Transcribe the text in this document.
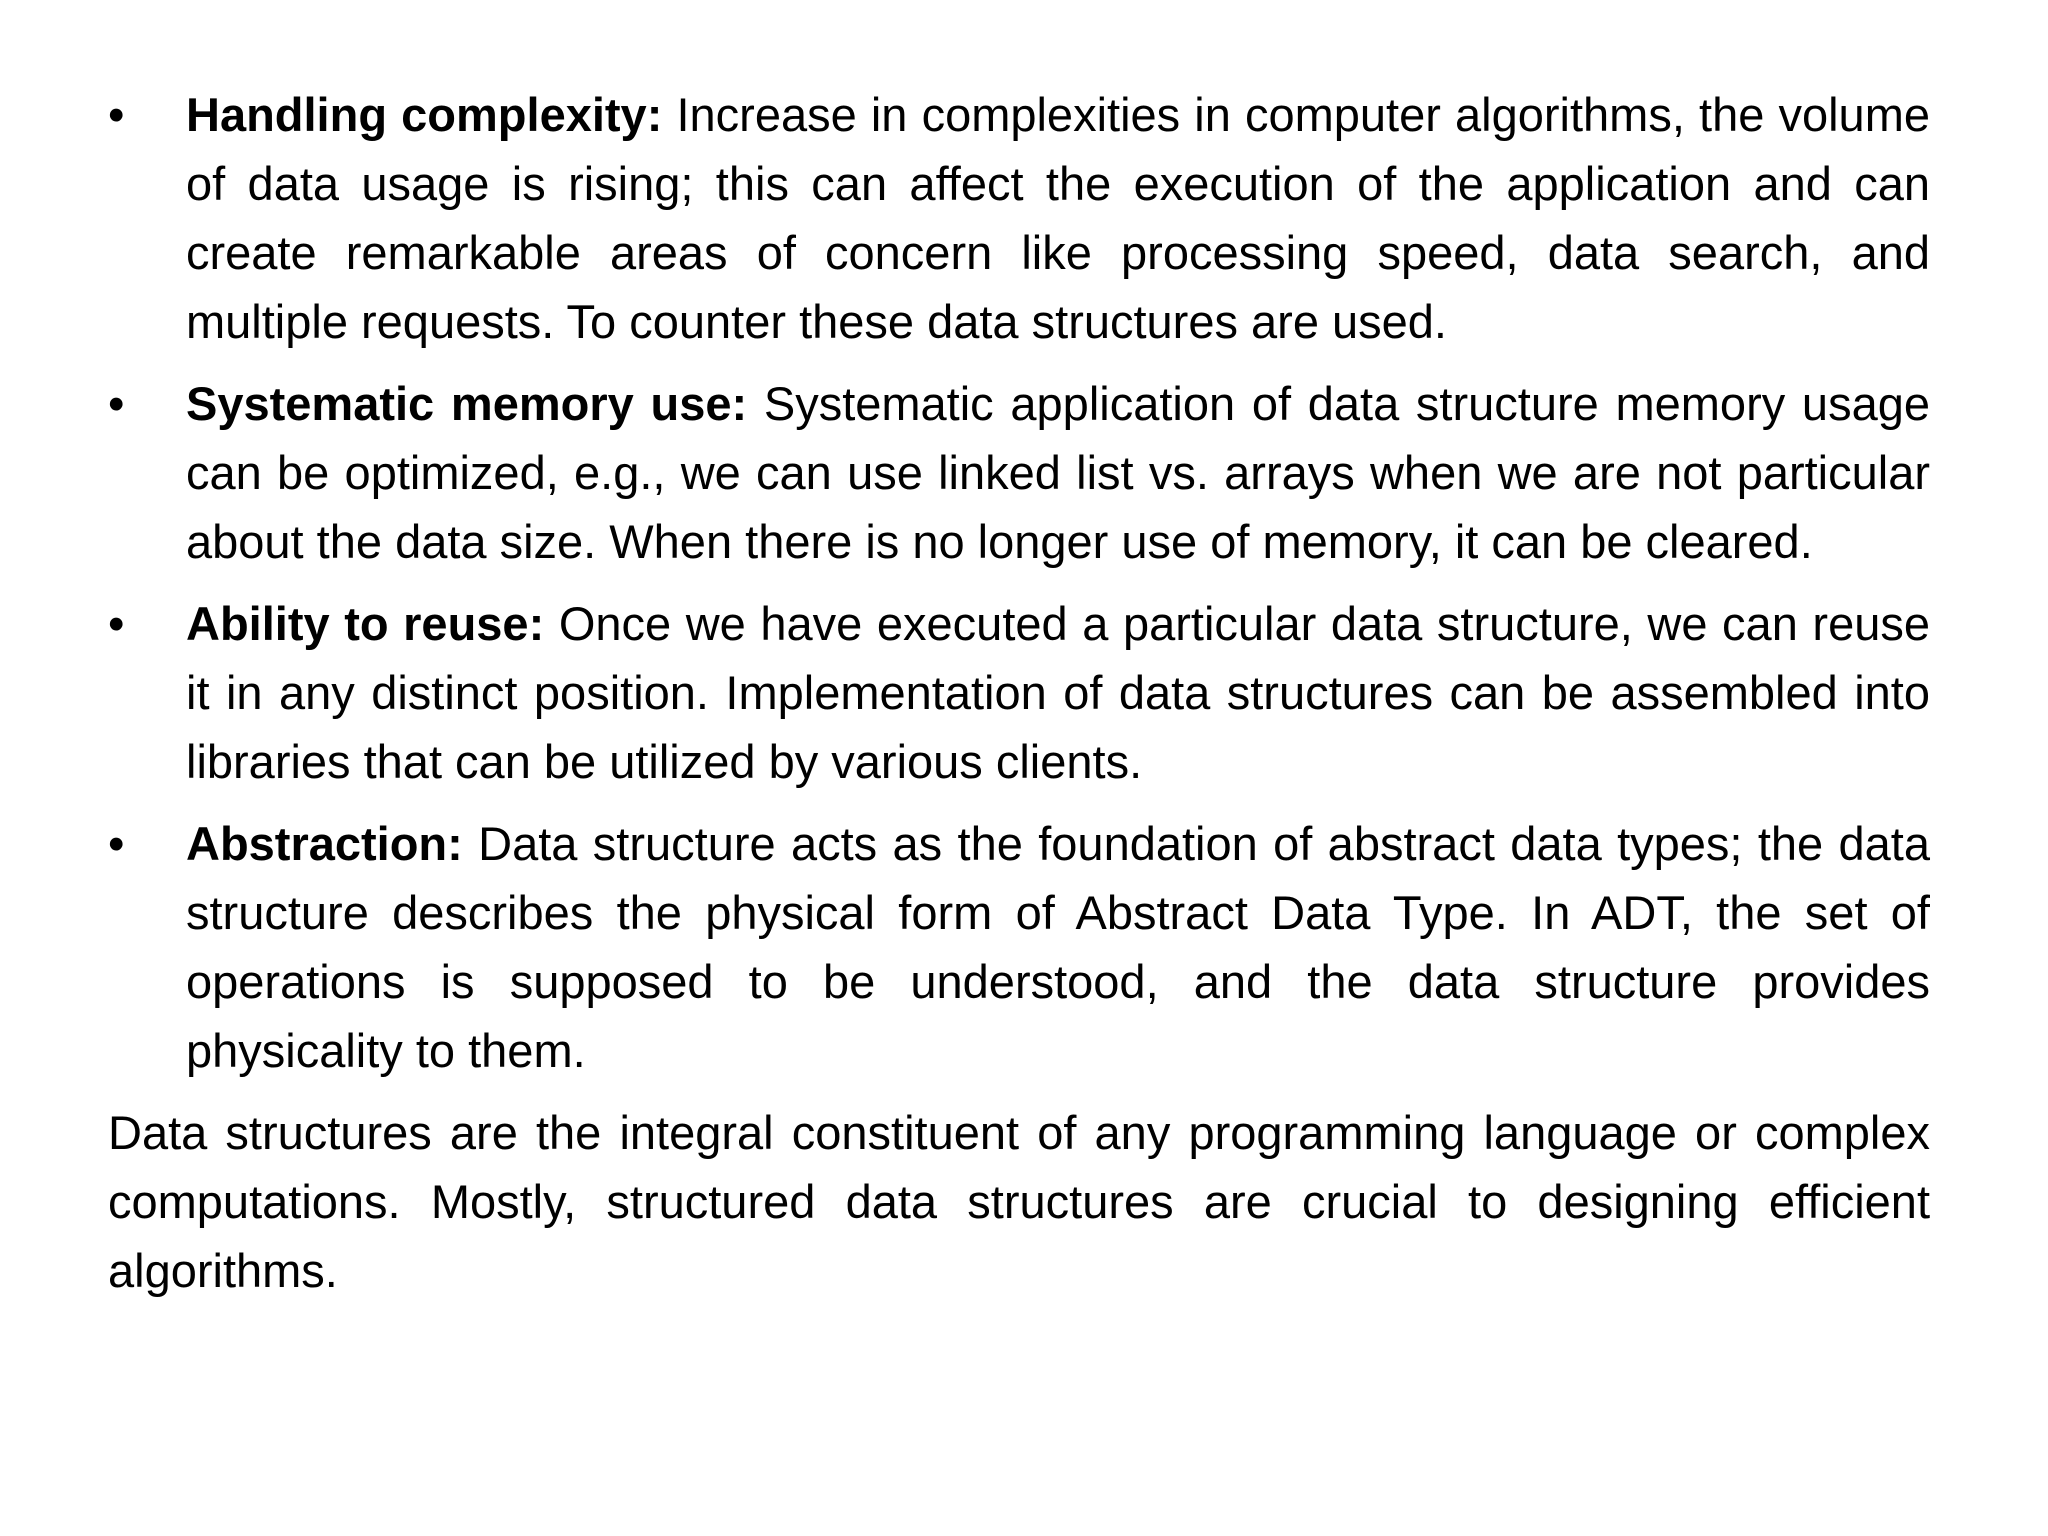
•	Handling complexity: Increase in complexities in computer algorithms, the volume of data usage is rising; this can affect the execution of the application and can create remarkable areas of concern like processing speed, data search, and multiple requests. To counter these data structures are used.
•	Systematic memory use: Systematic application of data structure memory usage can be optimized, e.g., we can use linked list vs. arrays when we are not particular about the data size. When there is no longer use of memory, it can be cleared.
•	Ability to reuse: Once we have executed a particular data structure, we can reuse it in any distinct position. Implementation of data structures can be assembled into libraries that can be utilized by various clients.
•	Abstraction: Data structure acts as the foundation of abstract data types; the data structure describes the physical form of Abstract Data Type. In ADT, the set of operations is supposed to be understood, and the data structure provides physicality to them.

Data structures are the integral constituent of any programming language or complex computations. Mostly, structured data structures are crucial to designing efficient algorithms.
